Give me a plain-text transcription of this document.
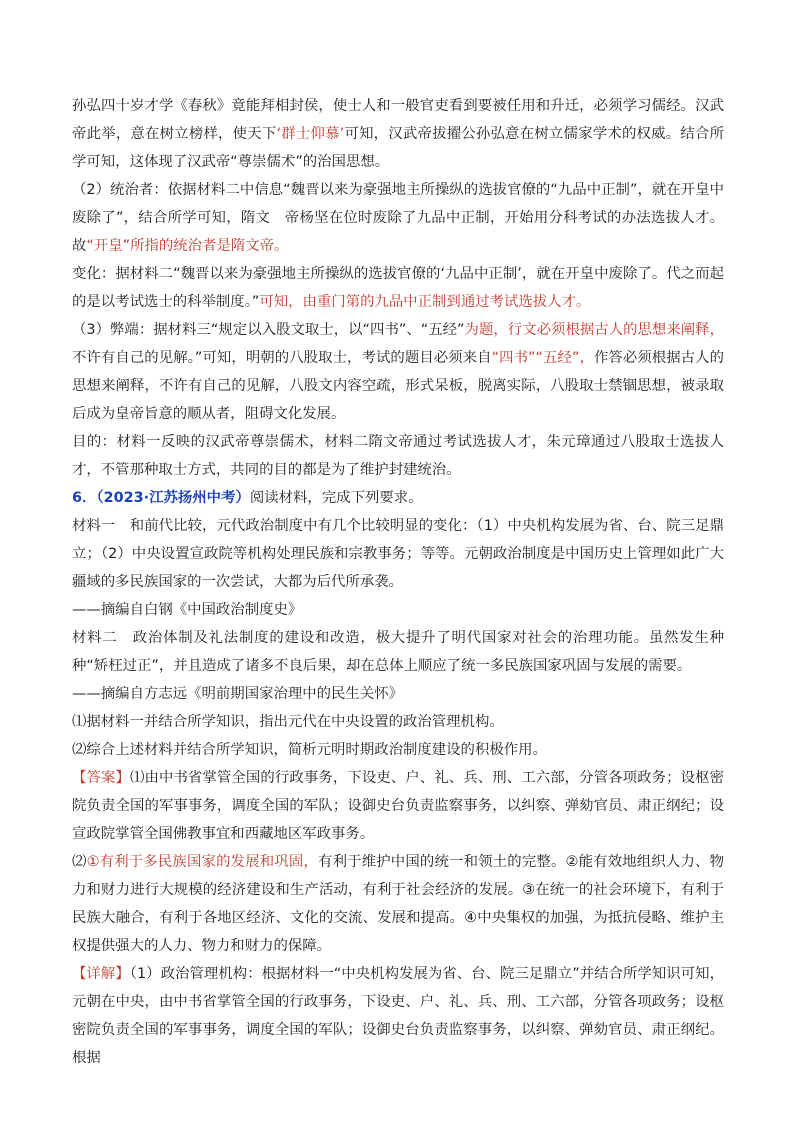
孙弘四十岁才学《春秋》竟能拜相封侯，使士人和一般官吏看到要被任用和升迁，必须学习儒经。汉武帝此举，意在树立榜样，使天下‘群士仰慕’可知，汉武帝拔擢公孙弘意在树立儒家学术的权威。结合所学可知，这体现了汉武帝“尊崇儒术”的治国思想。

（2）统治者：依据材料二中信息“魏晋以来为豪强地主所操纵的选拔官僚的“九品中正制”，就在开皇中废除了”，结合所学可知，隋文　帝杨坚在位时废除了九品中正制，开始用分科考试的办法选拔人才。故“开皇”所指的统治者是隋文帝。

变化：据材料二“魏晋以来为豪强地主所操纵的选拔官僚的‘九品中正制’，就在开皇中废除了。代之而起的是以考试选士的科举制度。”可知，由重门第的九品中正制到通过考试选拔人才。

（3）弊端：据材料三“规定以入股文取士，以“四书”、“五经”为题，行文必须根据古人的思想来阐释，不许有自己的见解。”可知，明朝的八股取士，考试的题目必须来自“四书”“五经”，作答必须根据古人的思想来阐释，不许有自己的见解，八股文内容空疏，形式呆板，脱离实际，八股取士禁锢思想，被录取后成为皇帝旨意的顺从者，阻碍文化发展。

目的：材料一反映的汉武帝尊崇儒术，材料二隋文帝通过考试选拔人才，朱元璋通过八股取士选拔人才，不管那种取士方式，共同的目的都是为了维护封建统治。

6．（2023·江苏扬州中考）阅读材料，完成下列要求。

材料一　和前代比较，元代政治制度中有几个比较明显的变化：（1）中央机构发展为省、台、院三足鼎立；（2）中央设置宣政院等机构处理民族和宗教事务；等等。元朝政治制度是中国历史上管理如此广大疆域的多民族国家的一次尝试，大都为后代所承袭。

——摘编自白钢《中国政治制度史》

材料二　政治体制及礼法制度的建设和改造，极大提升了明代国家对社会的治理功能。虽然发生种种“矫枉过正”，并且造成了诸多不良后果，却在总体上顺应了统一多民族国家巩固与发展的需要。

——摘编自方志远《明前期国家治理中的民生关怀》

⑴据材料一并结合所学知识，指出元代在中央设置的政治管理机构。

⑵综合上述材料并结合所学知识，简析元明时期政治制度建设的积极作用。

【答案】⑴由中书省掌管全国的行政事务，下设吏、户、礼、兵、刑、工六部，分管各项政务；设枢密院负责全国的军事事务，调度全国的军队；设御史台负责监察事务，以纠察、弹劾官员、肃正纲纪；设宣政院掌管全国佛教事宜和西藏地区军政事务。

⑵①有利于多民族国家的发展和巩固，有利于维护中国的统一和领土的完整。②能有效地组织人力、物力和财力进行大规模的经济建设和生产活动，有利于社会经济的发展。③在统一的社会环境下，有利于民族大融合，有利于各地区经济、文化的交流、发展和提高。④中央集权的加强，为抵抗侵略、维护主权提供强大的人力、物力和财力的保障。

【详解】（1）政治管理机构：根据材料一“中央机构发展为省、台、院三足鼎立”并结合所学知识可知，元朝在中央，由中书省掌管全国的行政事务，下设吏、户、礼、兵、刑、工六部，分管各项政务；设枢密院负责全国的军事事务，调度全国的军队；设御史台负责监察事务，以纠察、弹劾官员、肃正纲纪。根据
